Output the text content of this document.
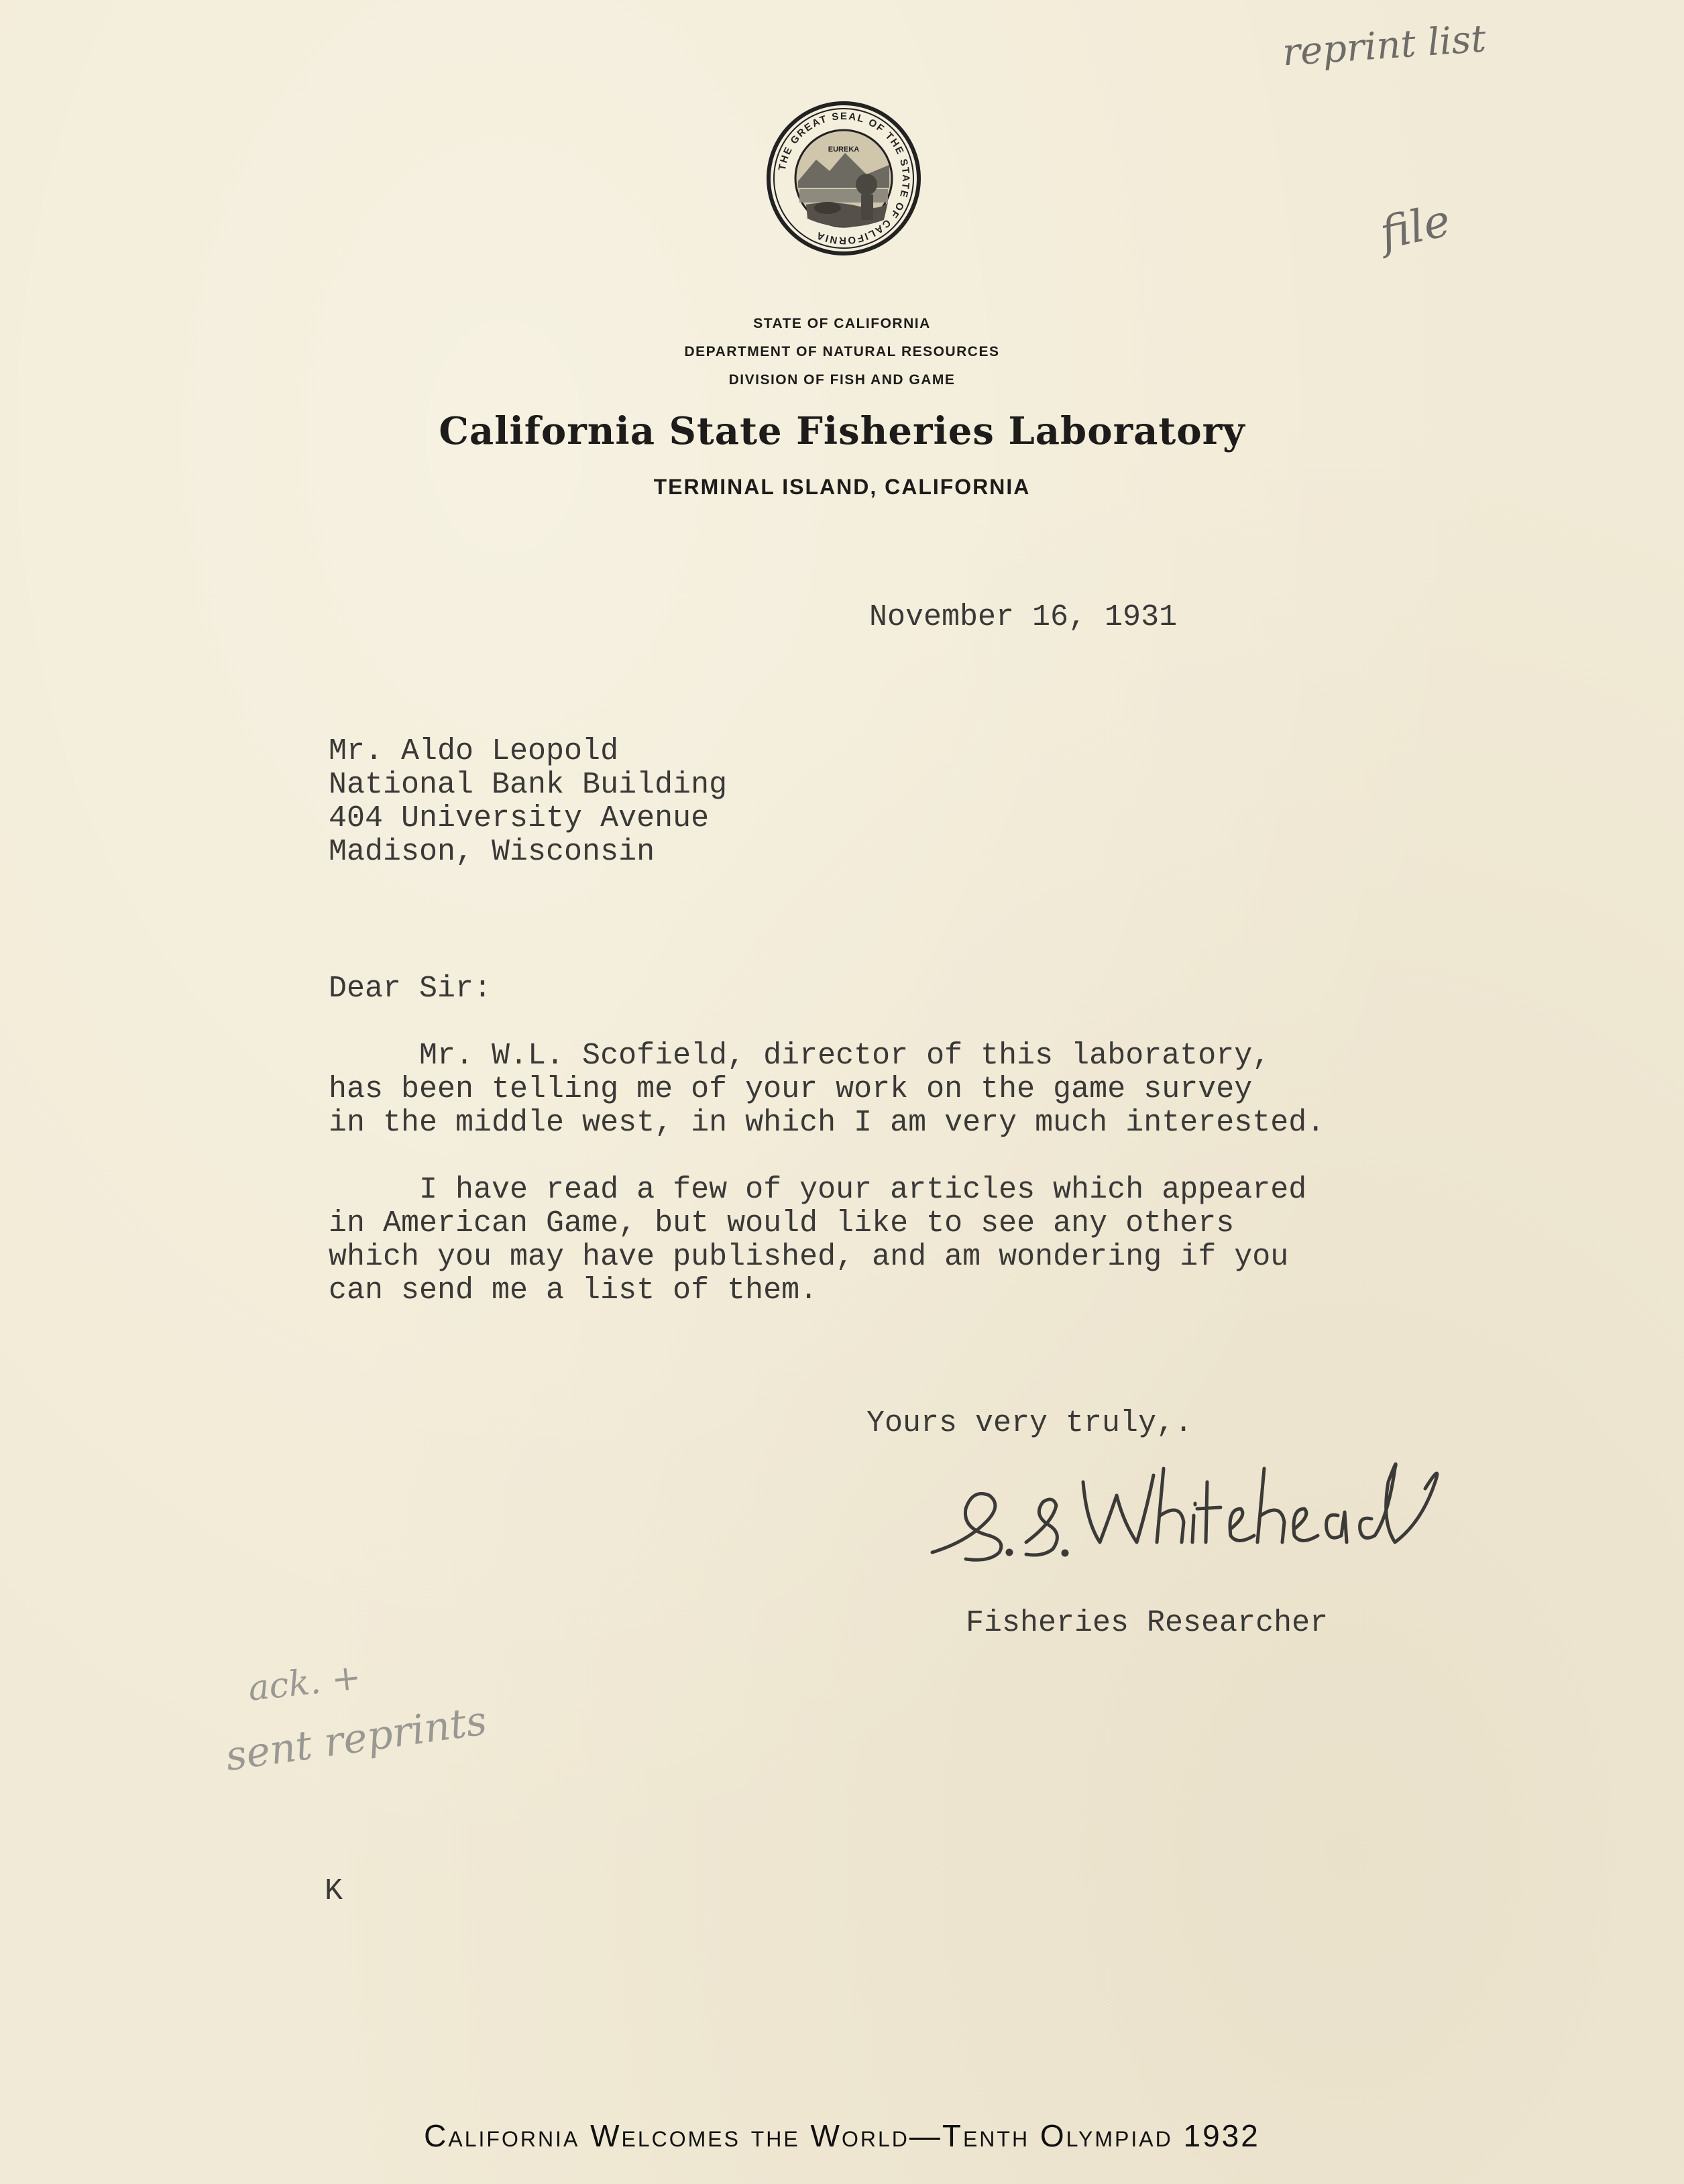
THE GREAT SEAL OF THE STATE OF CALIFORNIA
EUREKA
STATE OF CALIFORNIA
DEPARTMENT OF NATURAL RESOURCES
DIVISION OF FISH AND GAME
California State Fisheries Laboratory
TERMINAL ISLAND, CALIFORNIA
reprint list
file
ack. +
sent reprints
November 16, 1931
Mr. Aldo Leopold
National Bank Building
404 University Avenue
Madison, Wisconsin
Dear Sir:
Mr. W.L. Scofield, director of this laboratory,
has been telling me of your work on the game survey
in the middle west, in which I am very much interested.
I have read a few of your articles which appeared
in American Game, but would like to see any others
which you may have published, and am wondering if you
can send me a list of them.
Yours very truly,.
Fisheries Researcher
K
California Welcomes the World—Tenth Olympiad 1932
